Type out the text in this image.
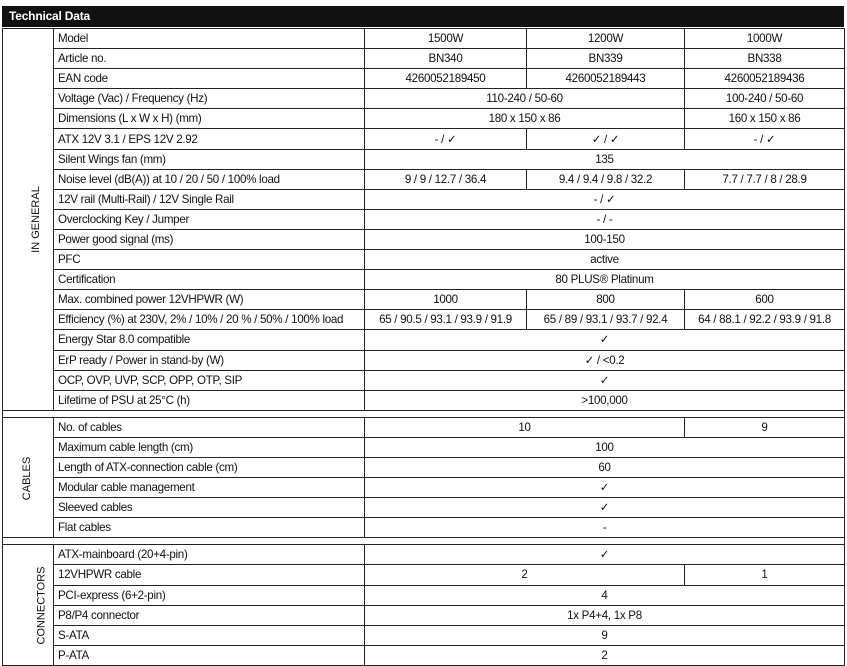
Technical Data
IN GENERAL	Model	1500W	1200W	1000W
	Article no.	BN340	BN339	BN338
	EAN code	4260052189450	4260052189443	4260052189436
	Voltage (Vac) / Frequency (Hz)	110-240 / 50-60		100-240 / 50-60
	Dimensions (L x W x H) (mm)	180 x 150 x 86		160 x 150 x 86
	ATX 12V 3.1 / EPS 12V 2.92	- / ✓	✓ / ✓	- / ✓
	Silent Wings fan (mm)	135		
	Noise level (dB(A)) at 10 / 20 / 50 / 100% load	9 / 9 / 12.7 / 36.4	9.4 / 9.4 / 9.8 / 32.2	7.7 / 7.7 / 8 / 28.9
	12V rail (Multi-Rail) / 12V Single Rail	- / ✓		
	Overclocking Key / Jumper	- / -		
	Power good signal (ms)	100-150		
	PFC	active		
	Certification	80 PLUS® Platinum		
	Max. combined power 12VHPWR (W)	1000	800	600
	Efficiency (%) at 230V, 2% / 10% / 20 % / 50% / 100% load	65 / 90.5 / 93.1 / 93.9 / 91.9	65 / 89 / 93.1 / 93.7 / 92.4	64 / 88.1 / 92.2 / 93.9 / 91.8
	Energy Star 8.0 compatible	✓		
	ErP ready / Power in stand-by (W)	✓ / <0.2		
	OCP, OVP, UVP, SCP, OPP, OTP, SIP	✓		
	Lifetime of PSU at 25°C (h)	>100,000		

CABLES	No. of cables	10		9
	Maximum cable length (cm)	100		
	Length of ATX-connection cable (cm)	60		
	Modular cable management	✓		
	Sleeved cables	✓		
	Flat cables	-		

CONNECTORS	ATX-mainboard (20+4-pin)	✓		
	12VHPWR cable	2		1
	PCI-express (6+2-pin)	4		
	P8/P4 connector	1x P4+4, 1x P8		
	S-ATA	9		
	P-ATA	2		
